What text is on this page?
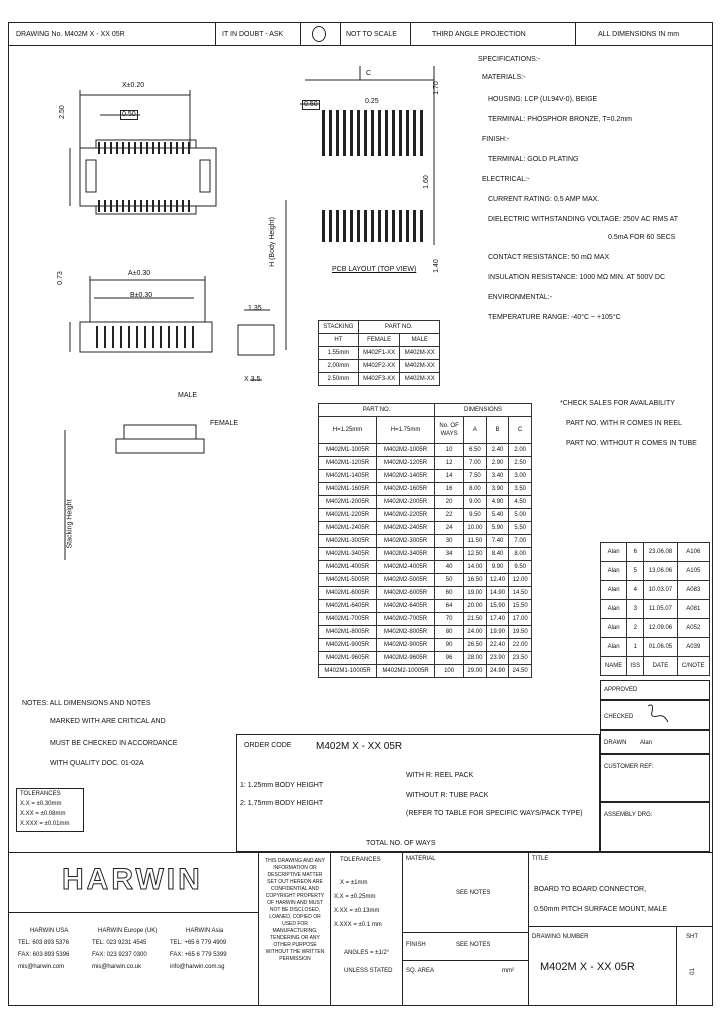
DRAWING No. M402M X - XX 05R	IT IN DOUBT - ASK	NOT TO SCALE	THIRD ANGLE PROJECTION	ALL DIMENSIONS IN mm
X±0.20
0.50
2.50
C
0.25
0.50
1.70
1.60
1.40
PCB LAYOUT (TOP VIEW)
0.73	A±0.30
B±0.30
1.35
H (Body Height)
X 3.5
MALE
FEMALE
Stacking Height
SPECIFICATIONS:-
MATERIALS:-
HOUSING: LCP (UL94V-0), BEIGE
TERMINAL: PHOSPHOR BRONZE, T=0.2mm
FINISH:-
TERMINAL: GOLD PLATING
ELECTRICAL:-
CURRENT RATING: 0.5 AMP MAX.
DIELECTRIC WITHSTANDING VOLTAGE: 250V AC RMS AT
0.5mA FOR 60 SECS
CONTACT RESISTANCE: 50 mΩ MAX
INSULATION RESISTANCE: 1000 MΩ MIN. AT 500V DC
ENVIRONMENTAL:-
TEMPERATURE RANGE: -40°C ~ +105°C
STACKING	PART NO.	
HT	FEMALE	MALE
1.55mm	M402F1-XX	M402M-XX
2.00mm	M402F2-XX	M402M-XX
2.50mm	M402F3-XX	M402M-XX
*CHECK SALES FOR AVAILABILITY
PART NO. WITH R COMES IN REEL
PART NO. WITHOUT R COMES IN TUBE
PART NO.		DIMENSIONS			
H=1.25mm	H=1.75mm	No. OF WAYS	A	B	C
M402M1-1005R	M402M2-1005R	10	6.50	2.40	2.00
M402M1-1205R	M402M2-1205R	12	7.00	2.90	2.50
M402M1-1405R	M402M2-1405R	14	7.50	3.40	3.00
M402M1-1605R	M402M2-1605R	16	8.00	3.90	3.50
M402M1-2005R	M402M2-2005R	20	9.00	4.90	4.50
M402M1-2205R	M402M2-2205R	22	9.50	5.40	5.00
M402M1-2405R	M402M2-2405R	24	10.00	5.90	5.50
M402M1-3005R	M402M2-3005R	30	11.50	7.40	7.00
M402M1-3405R	M402M2-3405R	34	12.50	8.40	8.00
M402M1-4005R	M402M2-4005R	40	14.00	9.90	9.50
M402M1-5005R	M402M2-5005R	50	16.50	12.40	12.00
M402M1-6005R	M402M2-6005R	60	19.00	14.90	14.50
M402M1-6405R	M402M2-6405R	64	20.00	15.90	15.50
M402M1-7005R	M402M2-7005R	70	21.50	17.40	17.00
M402M1-8005R	M402M2-8005R	80	24.00	19.90	19.50
M402M1-9005R	M402M2-9005R	90	26.50	22.40	22.00
M402M1-9605R	M402M2-9605R	96	28.00	23.90	23.50
M402M1-10005R	M402M2-10005R	100	29.00	24.90	24.50
Alan	6	23.06.08	A106
Alan	5	13.06.06	A105
Alan	4	10.03.07	A083
Alan	3	11.05.07	A081
Alan	2	12.09.06	A052
Alan	1	01.06.05	A039
NAME	ISS	DATE	C/NOTE
APPROVED
CHECKED
DRAWN Alan
CUSTOMER REF:
ASSEMBLY DRG:
NOTES: ALL DIMENSIONS AND NOTES
MARKED WITH ARE CRITICAL AND
MUST BE CHECKED IN ACCORDANCE
WITH QUALITY DOC. 01-02A
TOLERANCES
X.X = ±0.30mm
X.XX = ±0.08mm
X.XXX = ±0.01mm
ORDER CODE M402M X - XX 05R
1: 1.25mm BODY HEIGHT
2: 1.75mm BODY HEIGHT
WITH R: REEL PACK
WITHOUT R: TUBE PACK
(REFER TO TABLE FOR SPECIFIC WAYS/PACK TYPE)
TOTAL NO. OF WAYS
HARWIN
HARWIN USA
TEL: 603 893 5376
FAX: 603 893 5396
mis@harwin.com
HARWIN Europe (UK)
TEL: 023 9231 4545
FAX: 023 9237 0300
mis@harwin.co.uk
HARWIN Asia
TEL: +65 6 779 4909
FAX: +65 6 779 5399
info@harwin.com.sg
THIS DRAWING AND ANY INFORMATION OR DESCRIPTIVE MATTER SET OUT HEREON ARE CONFIDENTIAL AND COPYRIGHT PROPERTY OF HARWIN AND MUST NOT BE DISCLOSED, LOANED, COPIED OR USED FOR MANUFACTURING, TENDERING OR ANY OTHER PURPOSE WITHOUT THE WRITTEN PERMISSION
TOLERANCES
X = ±1mm
X.X = ±0.25mm
X.XX = ±0.13mm
X.XXX = ±0.1 mm
ANGLES = ±1/2°
UNLESS STATED
MATERIAL
SEE NOTES
FINISH	SEE NOTES
SQ. AREA	mm²
TITLE
BOARD TO BOARD CONNECTOR,
0.50mm PITCH SURFACE MOUNT, MALE
DRAWING NUMBER
M402M X - XX 05R
SHT
01
